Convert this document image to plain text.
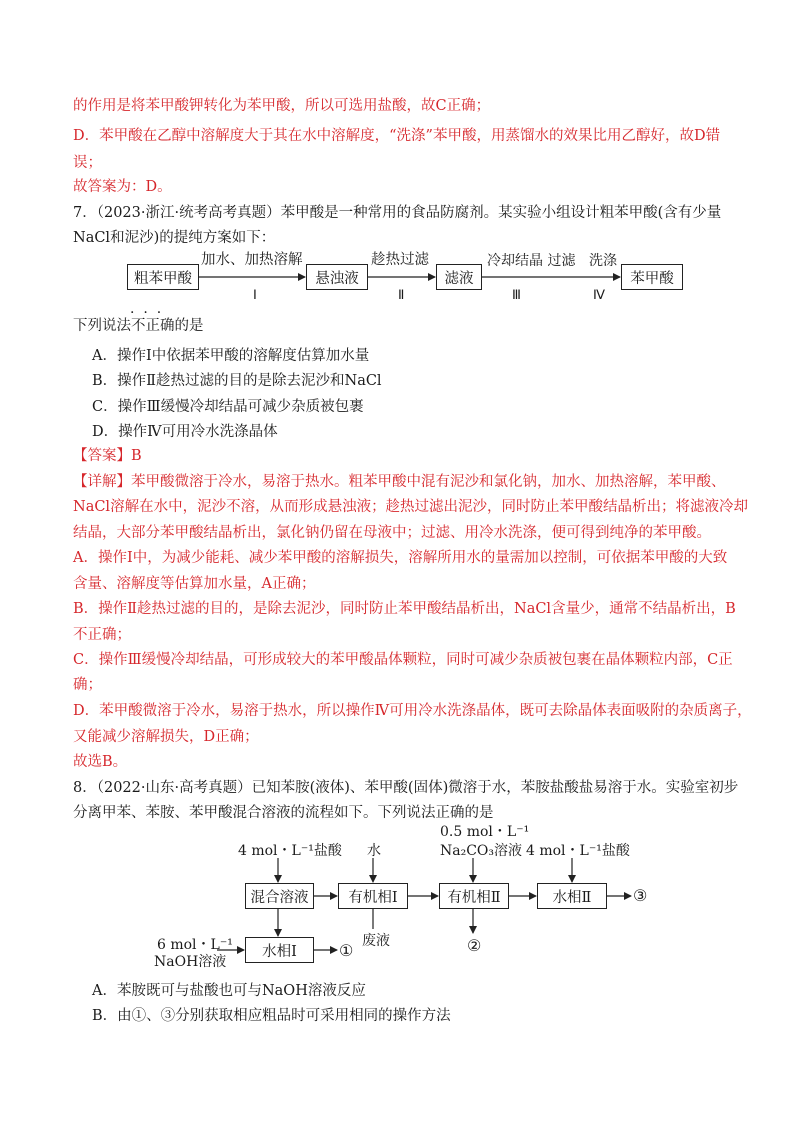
的作用是将苯甲酸钾转化为苯甲酸，所以可选用盐酸，故C正确；
D．苯甲酸在乙醇中溶解度大于其在水中溶解度，“洗涤”苯甲酸，用蒸馏水的效果比用乙醇好，故D错
误；
故答案为：D。
7．（2023·浙江·统考高考真题）苯甲酸是一种常用的食品防腐剂。某实验小组设计粗苯甲酸(含有少量
NaCl和泥沙)的提纯方案如下：
粗苯甲酸	悬浊液	滤液	苯甲酸
加水、加热溶解	趁热过滤	冷却结晶 过滤 洗涤
Ⅰ	Ⅱ	Ⅲ	Ⅳ
下列说法不正确的是
·  ·  ·
A．操作Ⅰ中依据苯甲酸的溶解度估算加水量
B．操作Ⅱ趁热过滤的目的是除去泥沙和NaCl
C．操作Ⅲ缓慢冷却结晶可减少杂质被包裹
D．操作Ⅳ可用冷水洗涤晶体
【答案】B
【详解】苯甲酸微溶于冷水，易溶于热水。粗苯甲酸中混有泥沙和氯化钠，加水、加热溶解，苯甲酸、
NaCl溶解在水中，泥沙不溶，从而形成悬浊液；趁热过滤出泥沙，同时防止苯甲酸结晶析出；将滤液冷却
结晶，大部分苯甲酸结晶析出，氯化钠仍留在母液中；过滤、用冷水洗涤，便可得到纯净的苯甲酸。
A．操作Ⅰ中，为减少能耗、减少苯甲酸的溶解损失，溶解所用水的量需加以控制，可依据苯甲酸的大致
含量、溶解度等估算加水量，A正确；
B．操作Ⅱ趁热过滤的目的，是除去泥沙，同时防止苯甲酸结晶析出，NaCl含量少，通常不结晶析出，B
不正确；
C．操作Ⅲ缓慢冷却结晶，可形成较大的苯甲酸晶体颗粒，同时可减少杂质被包裹在晶体颗粒内部，C正
确；
D．苯甲酸微溶于冷水，易溶于热水，所以操作Ⅳ可用冷水洗涤晶体，既可去除晶体表面吸附的杂质离子，
又能减少溶解损失，D正确；
故选B。
8．（2022·山东·高考真题）已知苯胺(液体)、苯甲酸(固体)微溶于水，苯胺盐酸盐易溶于水。实验室初步
分离甲苯、苯胺、苯甲酸混合溶液的流程如下。下列说法正确的是
混合溶液	有机相Ⅰ	有机相Ⅱ	水相Ⅱ
水相Ⅰ
4 mol・L⁻¹盐酸 水
0.5 mol・L⁻¹
Na₂CO₃溶液 4 mol・L⁻¹盐酸
6 mol・L⁻¹
NaOH溶液
废液
①	②
③
A．苯胺既可与盐酸也可与NaOH溶液反应
B．由①、③分别获取相应粗品时可采用相同的操作方法
